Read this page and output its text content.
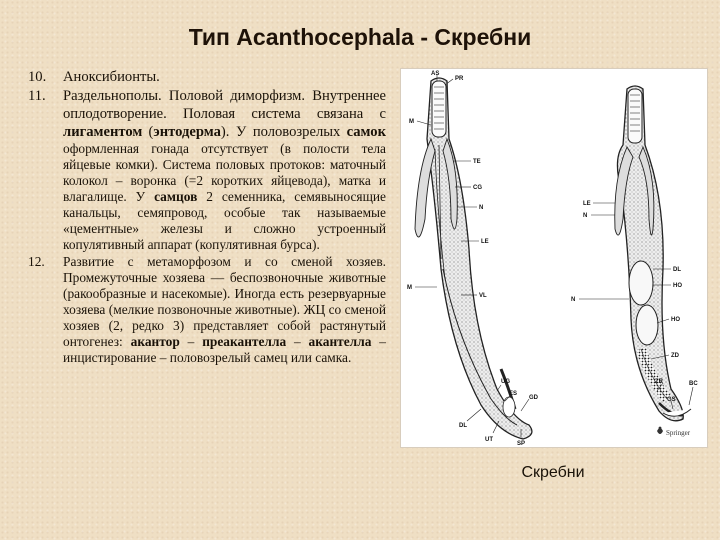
Тип Acanthocephala - Скребни
10. Аноксибионты.
11. Раздельнополы. Половой диморфизм. Внутреннее оплодотворение. Половая система связана с лигаментом (энтодерма). У половозрелых самок оформленная гонада отсутствует (в полости тела яйцевые комки). Система половых протоков: маточный колокол – воронка (=2 коротких яйцевода), матка и влагалище. У самцов 2 семенника, семявыносящие канальцы, семяпровод, особые так называемые «цементные» железы и сложно устроенный копулятивный аппарат (копулятивная бурса).
12. Развитие с метаморфозом и со сменой хозяев. Промежуточные хозяева — беспозвоночные животные (ракообразные и насекомые). Иногда есть резервуарные хозяева (мелкие позвоночные животные). ЖЦ со сменой хозяев (2, редко 3) представляет собой растянутый онтогенез: акантор – преакантелла – акантелла – инцистирование – половозрелый самец или самка.
AS
PR
M
TE
CG
N
LE
M
VL
UG
ES
GD
DL
UT
SP
LE
N
DL
HO
N
HO
ZD
ZR
GS
BC
Springer
Скребни
